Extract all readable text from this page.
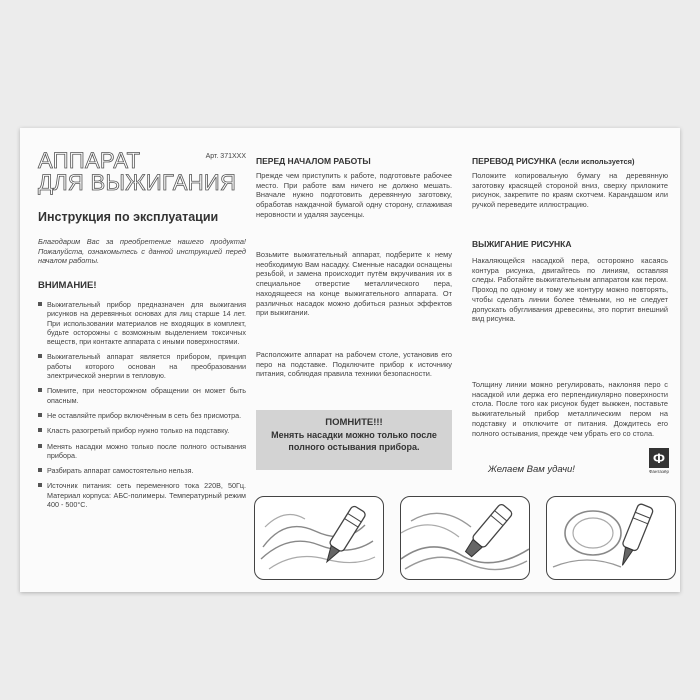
АППАРАТ
ДЛЯ ВЫЖИГАНИЯ
Арт. 371XXX
Инструкция по эксплуатации
Благодарим Вас за преобретение нашего продукта! Пожалуйста, ознакомьтесь с данной инструкцией перед началом работы.
ВНИМАНИЕ!
Выжигательный прибор предназначен для выжигания рисунков на деревянных основах для лиц старше 14 лет. При использовании материалов не входящих в комплект, будьте осторожны с возможным выделением токсичных веществ, при контакте аппарата с иными поверхностями.
Выжигательный аппарат является прибором, принцип работы которого основан на преобразовании электрической энергии в тепловую.
Помните, при неосторожном обращении он может быть опасным.
Не оставляйте прибор включённым в сеть без присмотра.
Класть разогретый прибор нужно только на подставку.
Менять насадки можно только после полного остывания прибора.
Разбирать аппарат самостоятельно нельзя.
Источник питания: сеть переменного тока 220В, 50Гц. Материал корпуса: АБС-полимеры. Температурный режим 400 - 500°С.
ПЕРЕД НАЧАЛОМ РАБОТЫ
Прежде чем приступить к работе, подготовьте рабочее место. При работе вам ничего не должно мешать. Вначале нужно подготовить деревянную заготовку, обработав наждачной бумагой одну сторону, сглаживая неровности и удаляя заусенцы.
Возьмите выжигательный аппарат, подберите к нему необходимую Вам насадку. Сменные насадки оснащены резьбой, и замена происходит путём вкручивания их в специальное отверстие металлического пера, находящееся на конце выжигательного аппарата. От различных насадок можно добиться разных эффектов при выжигании.
Расположите аппарат на рабочем столе, установив его перо на подставке. Подключите прибор к источнику питания, соблюдая правила техники безопасности.
ПОМНИТЕ!!!
Менять насадки можно только после полного остывания прибора.
ПЕРЕВОД РИСУНКА (если используется)
Положите копировальную бумагу на деревянную заготовку красящей стороной вниз, сверху приложите рисунок, закрепите по краям скотчем. Карандашом или ручкой переведите иллюстрацию.
ВЫЖИГАНИЕ РИСУНКА
Накаляющейся насадкой пера, осторожно касаясь контура рисунка, двигайтесь по линиям, оставляя следы. Работайте выжигательным аппаратом как пером. Проход по одному и тому же контуру можно повторять, чтобы сделать линии более тёмными, но не следует допускать обугливания древесины, это портит внешний вид рисунка.
Толщину линии можно регулировать, наклоняя перо с насадкой или держа его перпендикулярно поверхности стола. После того как рисунок будет выжжен, поставьте выжигательный прибор металлическим пером на подставку и отключите от питания. Дождитесь его полного остывания, прежде чем убрать его со стола.
Желаем Вам удачи!
Ф
Фантазёр
